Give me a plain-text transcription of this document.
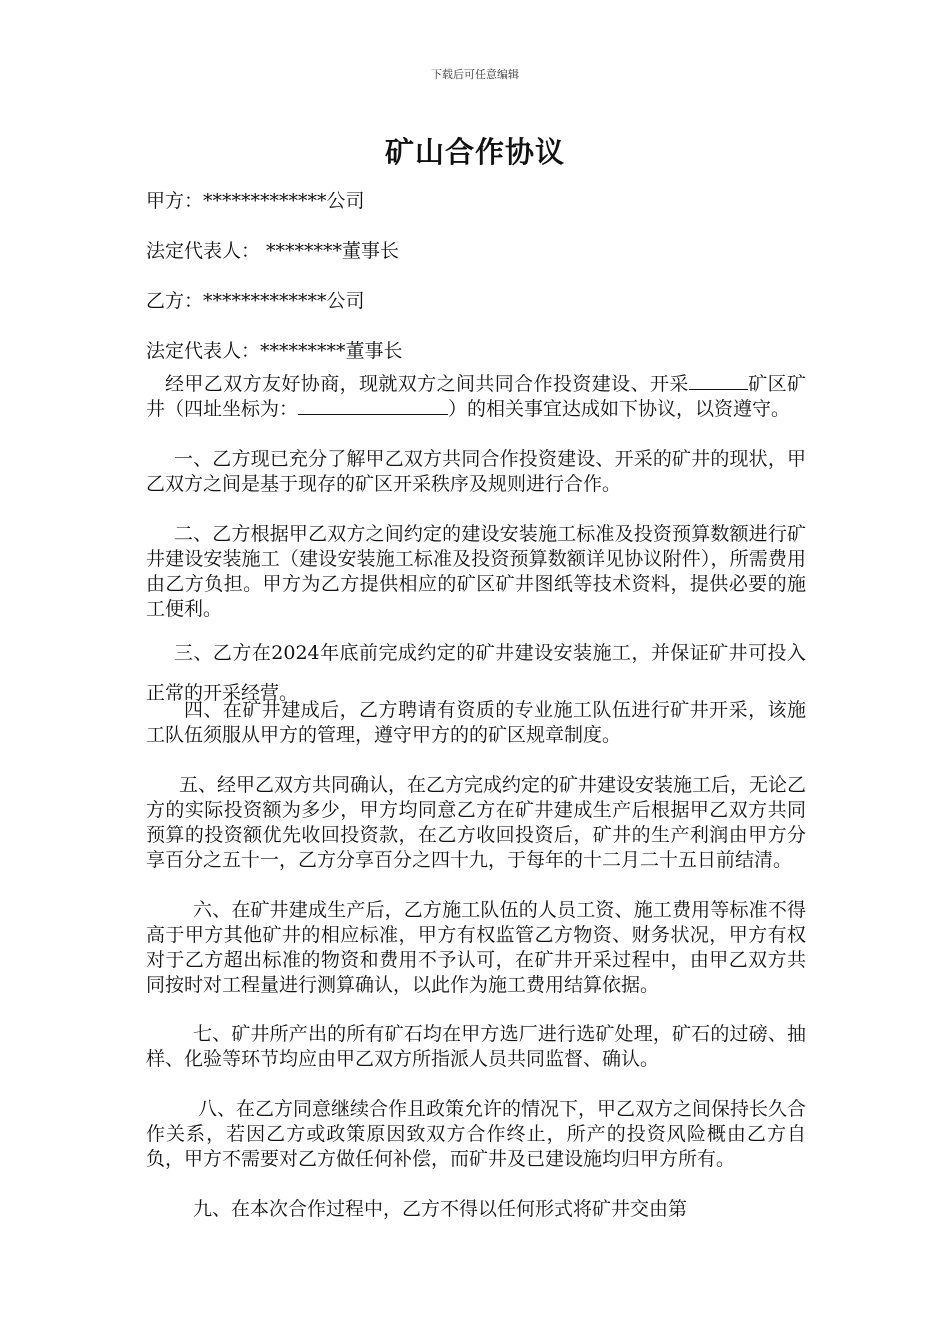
下载后可任意编辑
矿山合作协议
甲方：*************公司
法定代表人： ********董事长
乙方：*************公司
法定代表人：*********董事长

经甲乙双方友好协商，现就双方之间共同合作投资建设、开采	矿区矿井（四址坐标为：	）的相关事宜达成如下协议，以资遵守。

一、乙方现已充分了解甲乙双方共同合作投资建设、开采的矿井的现状，甲乙双方之间是基于现存的矿区开采秩序及规则进行合作。

二、乙方根据甲乙双方之间约定的建设安装施工标准及投资预算数额进行矿井建设安装施工（建设安装施工标准及投资预算数额详见协议附件），所需费用由乙方负担。甲方为乙方提供相应的矿区矿井图纸等技术资料，提供必要的施工便利。

三、乙方在2024年底前完成约定的矿井建设安装施工，并保证矿井可投入正常的开采经营。

四、在矿井建成后，乙方聘请有资质的专业施工队伍进行矿井开采，该施工队伍须服从甲方的管理，遵守甲方的的矿区规章制度。

五、经甲乙双方共同确认，在乙方完成约定的矿井建设安装施工后，无论乙方的实际投资额为多少，甲方均同意乙方在矿井建成生产后根据甲乙双方共同预算的投资额优先收回投资款，在乙方收回投资后，矿井的生产利润由甲方分享百分之五十一，乙方分享百分之四十九，于每年的十二月二十五日前结清。

六、在矿井建成生产后，乙方施工队伍的人员工资、施工费用等标准不得高于甲方其他矿井的相应标准，甲方有权监管乙方物资、财务状况，甲方有权对于乙方超出标准的物资和费用不予认可，在矿井开采过程中，由甲乙双方共同按时对工程量进行测算确认，以此作为施工费用结算依据。

七、矿井所产出的所有矿石均在甲方选厂进行选矿处理，矿石的过磅、抽样、化验等环节均应由甲乙双方所指派人员共同监督、确认。

八、在乙方同意继续合作且政策允许的情况下，甲乙双方之间保持长久合作关系，若因乙方或政策原因致双方合作终止，所产的投资风险概由乙方自负，甲方不需要对乙方做任何补偿，而矿井及已建设施均归甲方所有。

九、在本次合作过程中，乙方不得以任何形式将矿井交由第
